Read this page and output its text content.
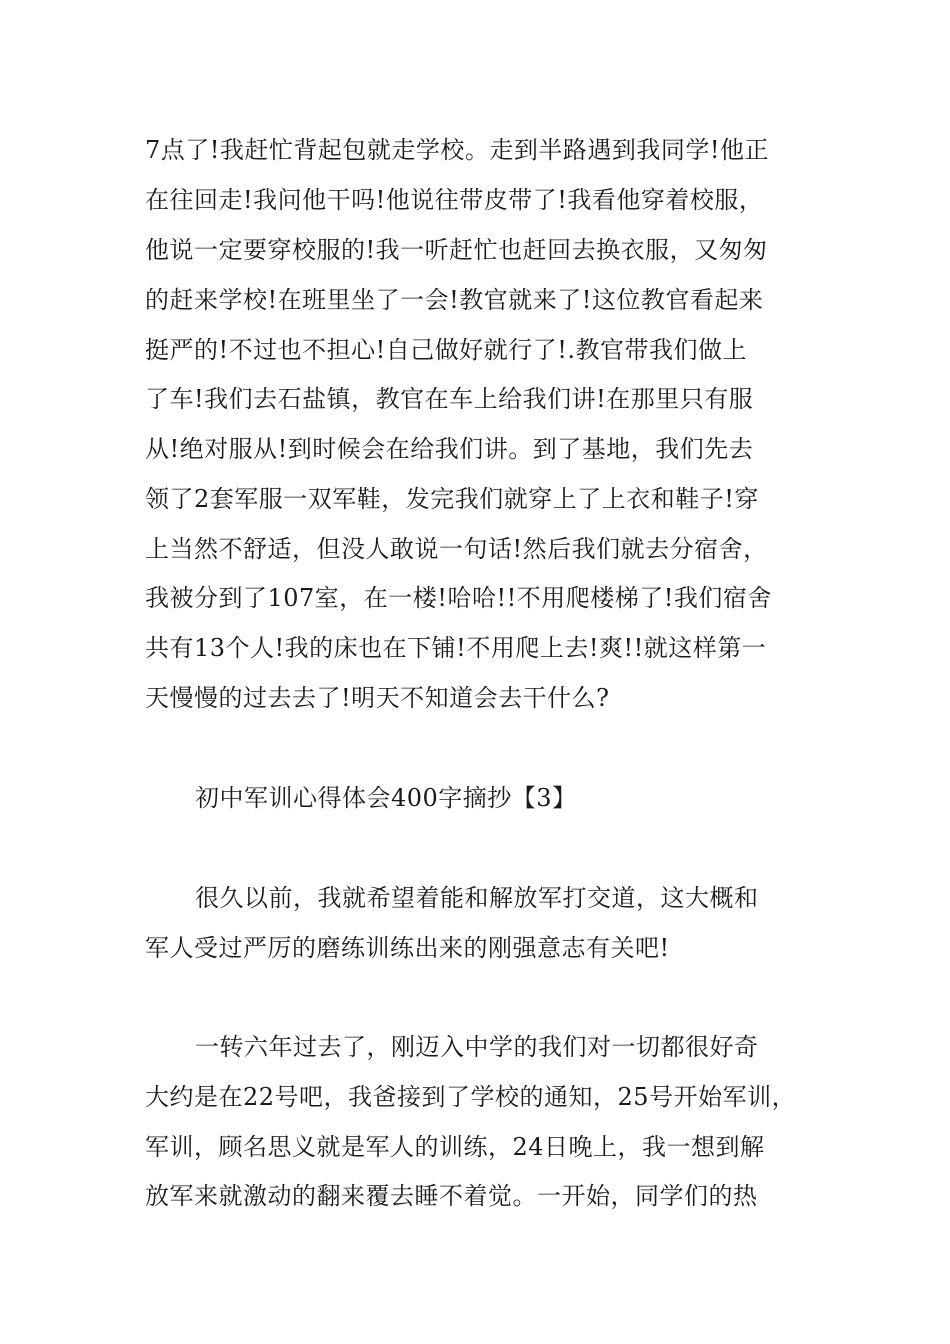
7点了!我赶忙背起包就走学校。走到半路遇到我同学!他正
在往回走!我问他干吗!他说往带皮带了!我看他穿着校服，
他说一定要穿校服的!我一听赶忙也赶回去换衣服，又匆匆
的赶来学校!在班里坐了一会!教官就来了!这位教官看起来
挺严的!不过也不担心!自己做好就行了!.教官带我们做上
了车!我们去石盐镇，教官在车上给我们讲!在那里只有服
从!绝对服从!到时候会在给我们讲。到了基地，我们先去
领了2套军服一双军鞋，发完我们就穿上了上衣和鞋子!穿
上当然不舒适，但没人敢说一句话!然后我们就去分宿舍，
我被分到了107室，在一楼!哈哈!!不用爬楼梯了!我们宿舍
共有13个人!我的床也在下铺!不用爬上去!爽!!就这样第一
天慢慢的过去去了!明天不知道会去干什么?
初中军训心得体会400字摘抄【3】
很久以前，我就希望着能和解放军打交道，这大概和
军人受过严厉的磨练训练出来的刚强意志有关吧!
一转六年过去了，刚迈入中学的我们对一切都很好奇
大约是在22号吧，我爸接到了学校的通知，25号开始军训，
军训，顾名思义就是军人的训练，24日晚上，我一想到解
放军来就激动的翻来覆去睡不着觉。一开始，同学们的热
